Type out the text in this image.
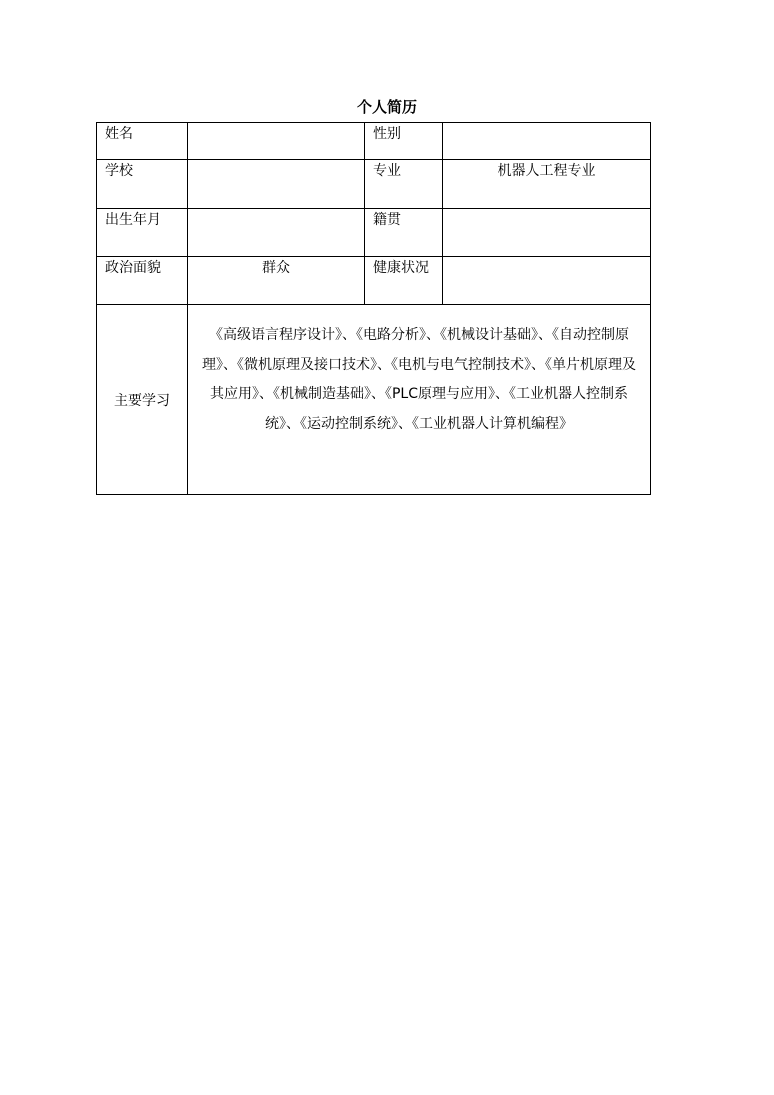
个人简历
姓名		性别	
学校		专业	机器人工程专业
出生年月		籍贯	
政治面貌	群众	健康状况	
主要学习	《高级语言程序设计》、《电路分析》、《机械设计基础》、《自动控制原理》、《微机原理及接口技术》、《电机与电气控制技术》、《单片机原理及其应用》、《机械制造基础》、《PLC原理与应用》、《工业机器人控制系统》、《运动控制系统》、《工业机器人计算机编程》		
